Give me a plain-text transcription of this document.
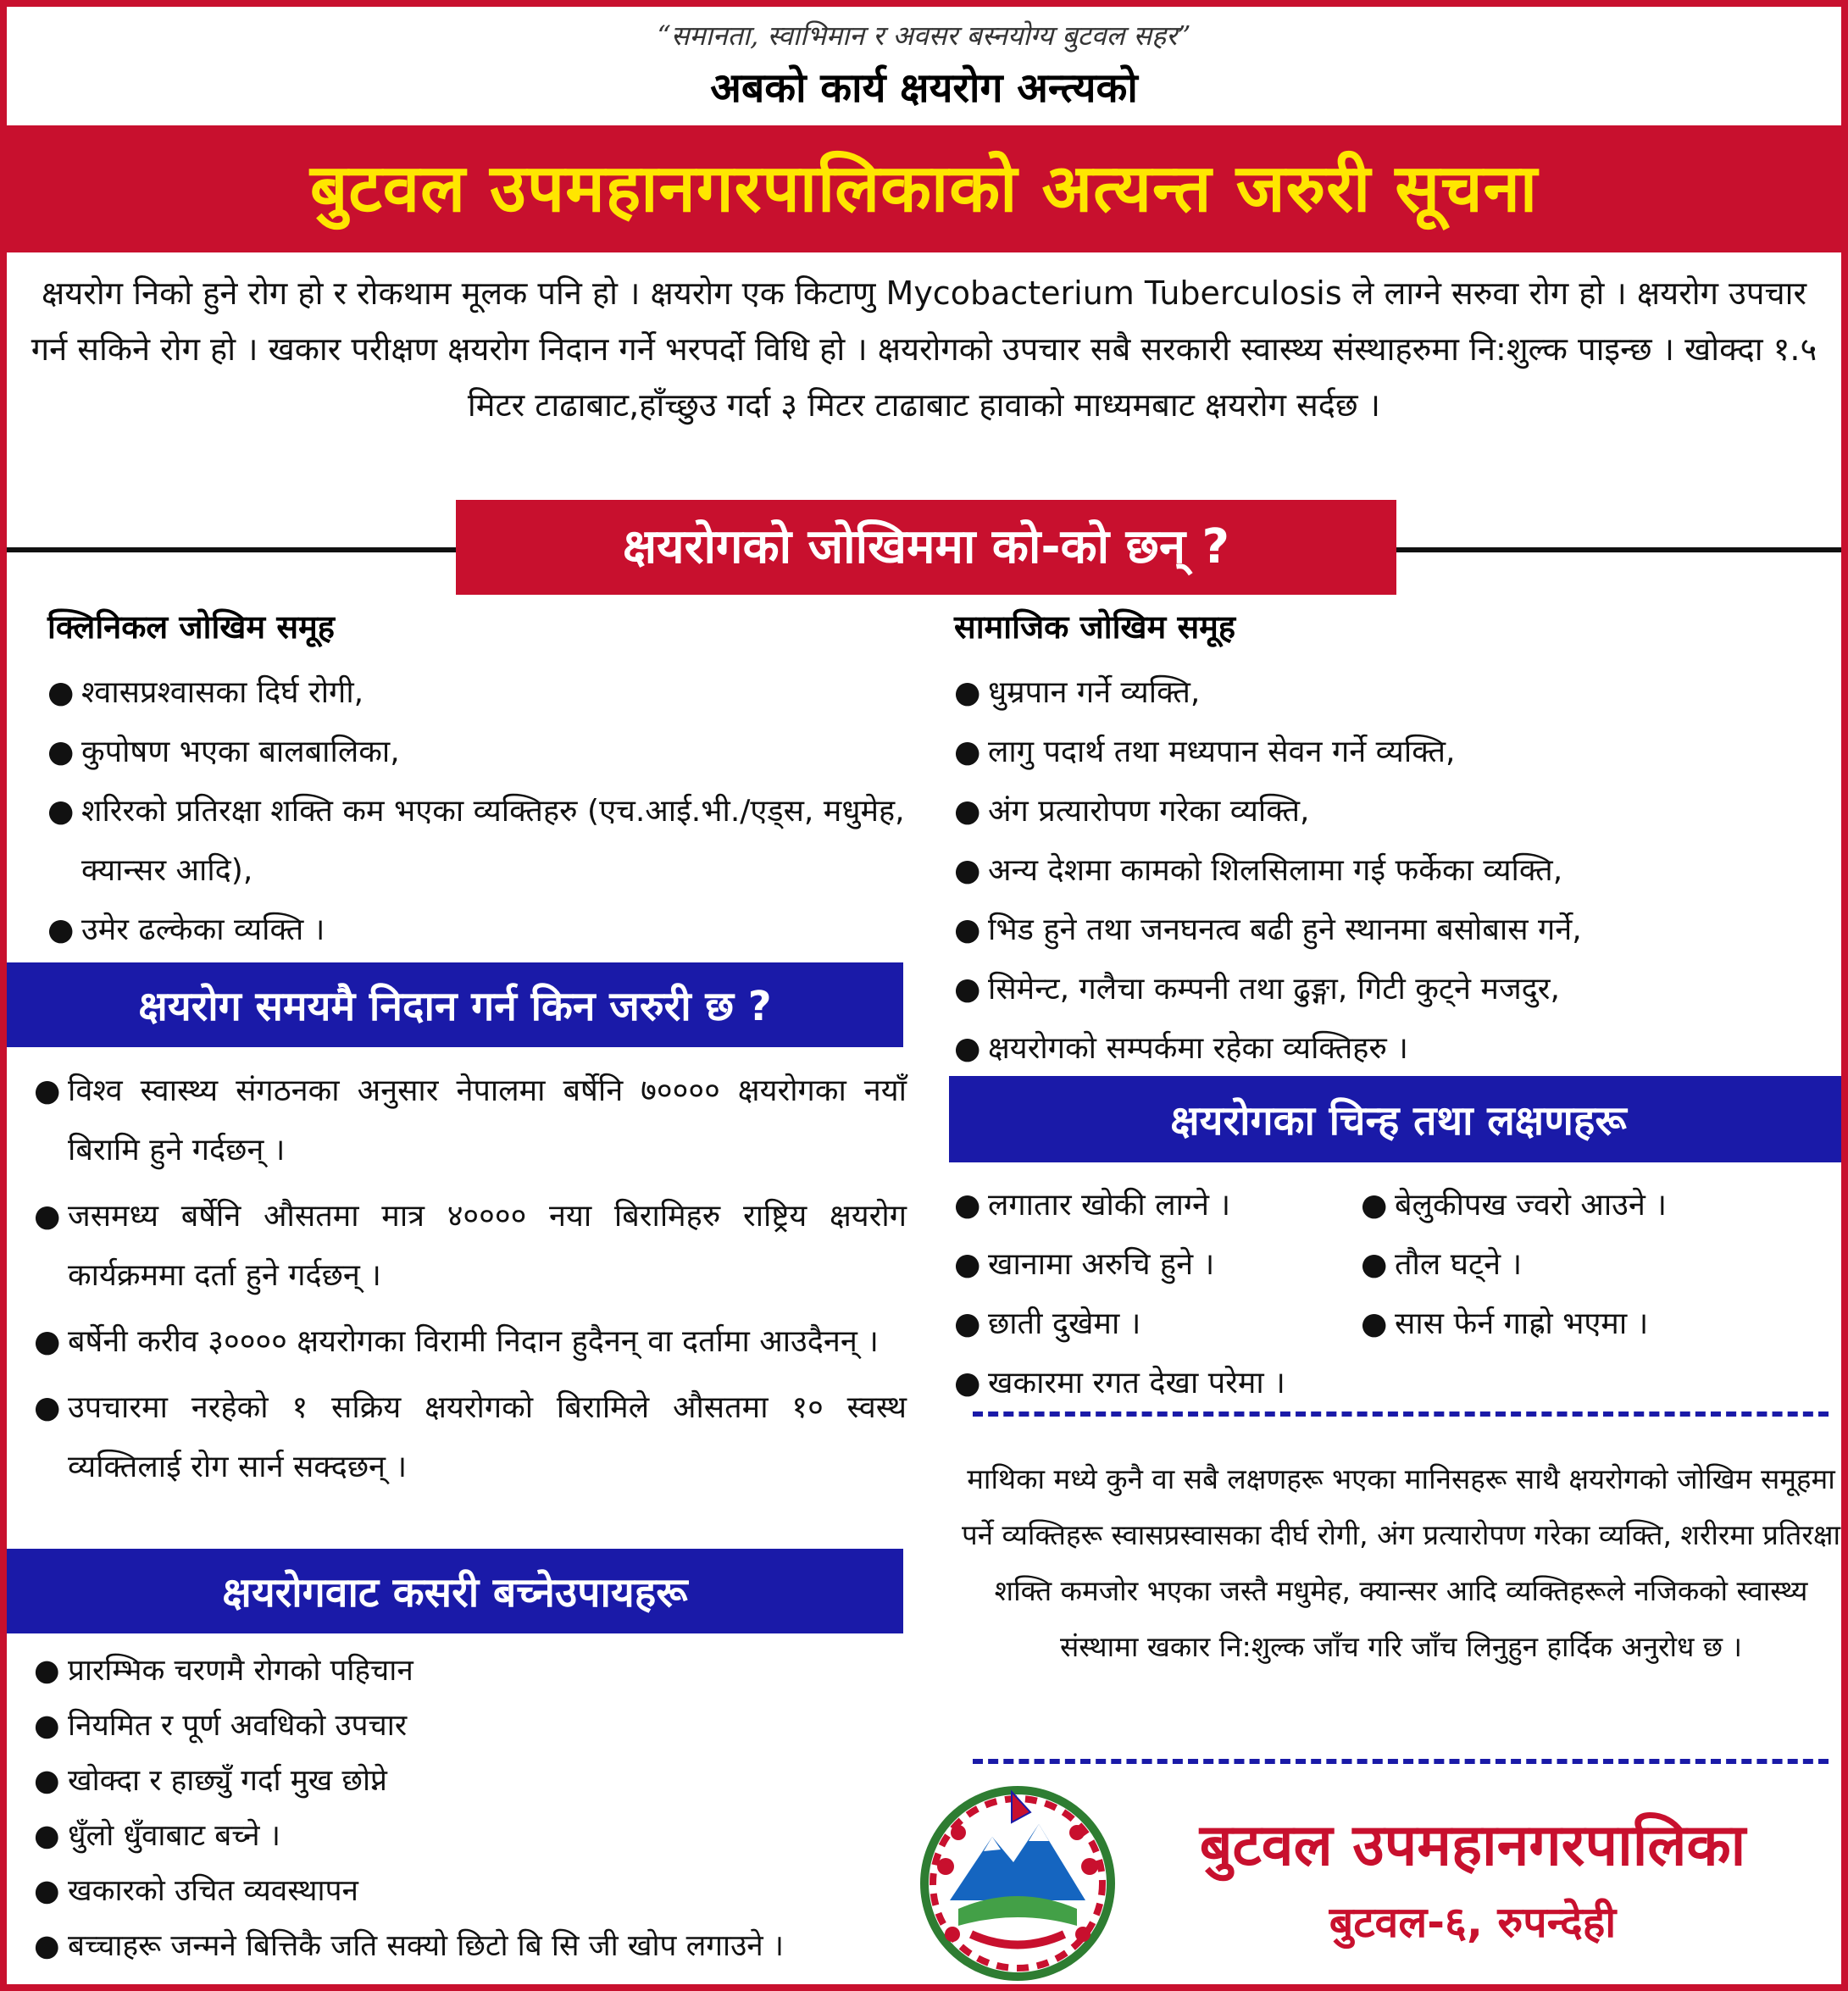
“समानता, स्वाभिमान र अवसर बस्नयोग्य बुटवल सहर”
अबको कार्य क्षयरोग अन्त्यको
बुटवल उपमहानगरपालिकाको अत्यन्त जरुरी सूचना
क्षयरोग निको हुने रोग हो र रोकथाम मूलक पनि हो । क्षयरोग एक किटाणु Mycobacterium Tuberculosis ले लाग्ने सरुवा रोग हो । क्षयरोग उपचार गर्न सकिने रोग हो । खकार परीक्षण क्षयरोग निदान गर्ने भरपर्दो विधि हो । क्षयरोगको उपचार सबै सरकारी स्वास्थ्य संस्थाहरुमा नि:शुल्क पाइन्छ । खोक्दा १.५ मिटर टाढाबाट,हाँच्छुउ गर्दा ३ मिटर टाढाबाट हावाको माध्यमबाट क्षयरोग सर्दछ ।
क्षयरोगको जोखिममा को-को छन् ?
क्लिनिकल जोखिम समूह
● श्वासप्रश्वासका दिर्घ रोगी,
● कुपोषण भएका बालबालिका,
● शरिरको प्रतिरक्षा शक्ति कम भएका व्यक्तिहरु (एच.आई.भी./एड्स, मधुमेह, क्यान्सर आदि),
● उमेर ढल्केका व्यक्ति ।
सामाजिक जोखिम समूह
● धुम्रपान गर्ने व्यक्ति,
● लागु पदार्थ तथा मध्यपान सेवन गर्ने व्यक्ति,
● अंग प्रत्यारोपण गरेका व्यक्ति,
● अन्य देशमा कामको शिलसिलामा गई फर्केका व्यक्ति,
● भिड हुने तथा जनघनत्व बढी हुने स्थानमा बसोबास गर्ने,
● सिमेन्ट, गलैचा कम्पनी तथा ढुङ्गा, गिटी कुट्ने मजदुर,
● क्षयरोगको सम्पर्कमा रहेका व्यक्तिहरु ।
क्षयरोग समयमै निदान गर्न किन जरुरी छ ?
● विश्व स्वास्थ्य संगठनका अनुसार नेपालमा बर्षेनि ७०००० क्षयरोगका नयाँ बिरामि हुने गर्दछन् ।
● जसमध्य बर्षेनि औसतमा मात्र ४०००० नया बिरामिहरु राष्ट्रिय क्षयरोग कार्यक्रममा दर्ता हुने गर्दछन् ।
● बर्षेनी करीव ३०००० क्षयरोगका विरामी निदान हुदैनन् वा दर्तामा आउदैनन् ।
● उपचारमा नरहेको १ सक्रिय क्षयरोगको बिरामिले औसतमा १० स्वस्थ व्यक्तिलाई रोग सार्न सक्दछन् ।
क्षयरोगका चिन्ह तथा लक्षणहरू
● लगातार खोकी लाग्ने ।	● बेलुकीपख ज्वरो आउने ।
● खानामा अरुचि हुने ।	● तौल घट्ने ।
● छाती दुखेमा ।	● सास फेर्न गाह्रो भएमा ।
● खकारमा रगत देखा परेमा ।
माथिका मध्ये कुनै वा सबै लक्षणहरू भएका मानिसहरू साथै क्षयरोगको जोखिम समूहमा पर्ने व्यक्तिहरू स्वासप्रस्वासका दीर्घ रोगी, अंग प्रत्यारोपण गरेका व्यक्ति, शरीरमा प्रतिरक्षा शक्ति कमजोर भएका जस्तै मधुमेह, क्यान्सर आदि व्यक्तिहरूले नजिकको स्वास्थ्य संस्थामा खकार नि:शुल्क जाँच गरि जाँच लिनुहुन हार्दिक अनुरोध छ ।
क्षयरोगवाट कसरी बच्नेउपायहरू
● प्रारम्भिक चरणमै रोगको पहिचान
● नियमित र पूर्ण अवधिको उपचार
● खोक्दा र हाछ्युँ गर्दा मुख छोप्ने
● धुँलो धुँवाबाट बच्ने ।
● खकारको उचित व्यवस्थापन
● बच्चाहरू जन्मने बित्तिकै जति सक्यो छिटो बि सि जी खोप लगाउने ।
बुटवल उपमहानगरपालिका
बुटवल-६, रुपन्देही
